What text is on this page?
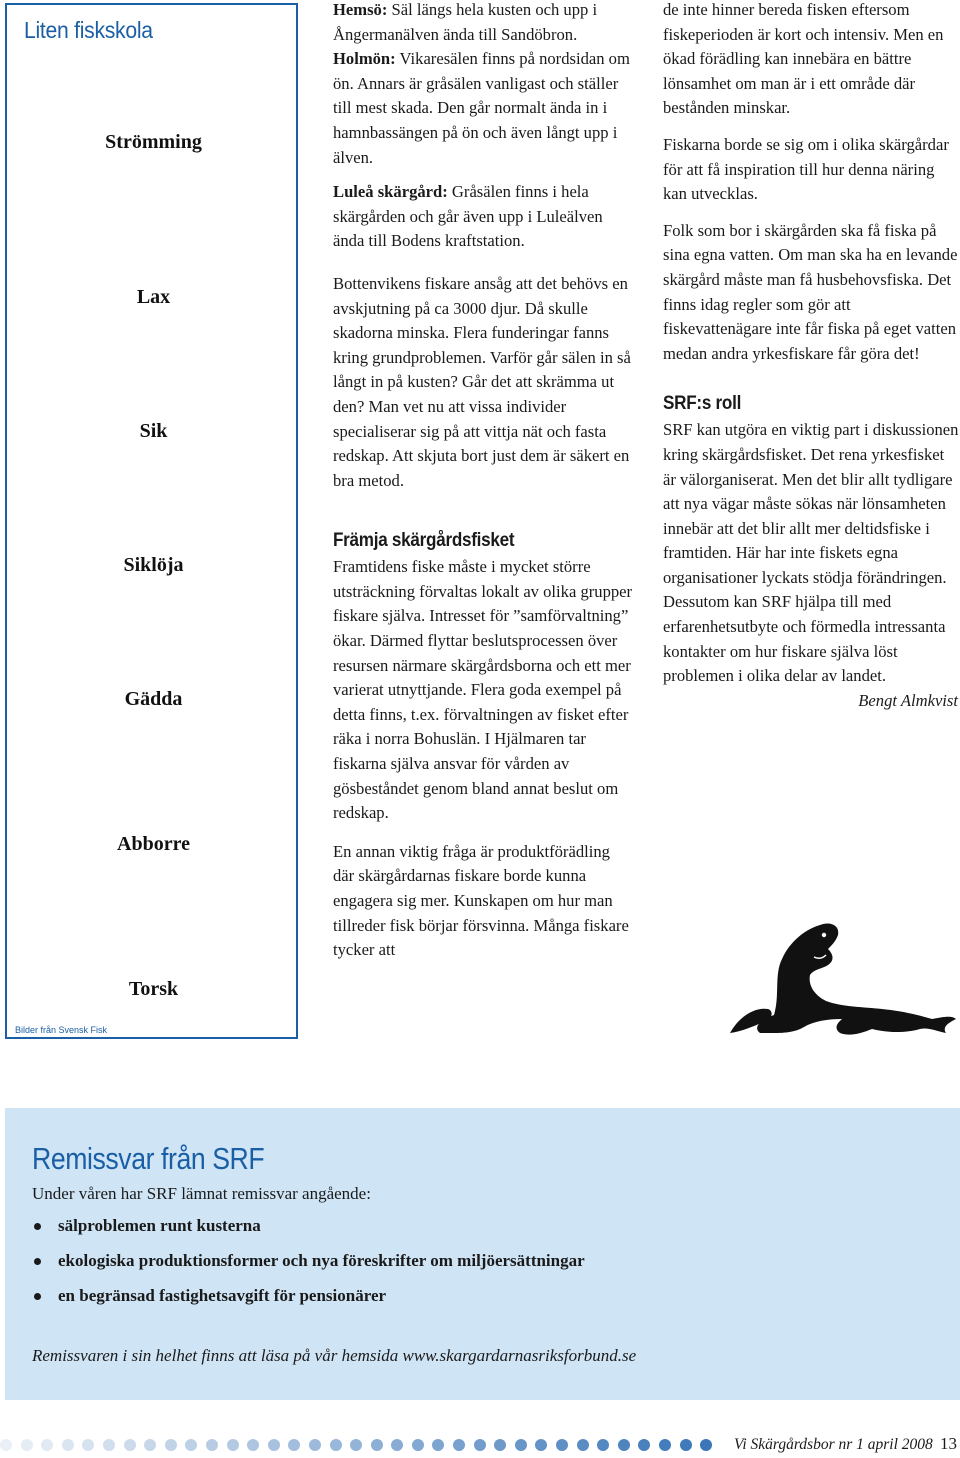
Liten fiskskola
Strömming
Lax
Sik
Siklöja
Gädda
Abborre
Torsk
Bilder från Svensk Fisk

Hemsö: Säl längs hela kusten och upp i Ångermanälven ända till Sandöbron.

Holmön: Vikaresälen finns på nordsidan om ön. Annars är gråsälen vanligast och ställer till mest skada. Den går normalt ända in i hamnbassängen på ön och även långt upp i älven.

Luleå skärgård: Gråsälen finns i hela skärgården och går även upp i Luleälven ända till Bodens kraftstation.

Bottenvikens fiskare ansåg att det behövs en avskjutning på ca 3000 djur. Då skulle skadorna minska. Flera funderingar fanns kring grundproblemen. Varför går sälen in så långt in på kusten? Går det att skrämma ut den? Man vet nu att vissa individer specialiserar sig på att vittja nät och fasta redskap. Att skjuta bort just dem är säkert en bra metod.

Främja skärgårdsfisket

Framtidens fiske måste i mycket större utsträckning förvaltas lokalt av olika grupper fiskare själva. Intresset för ”samförvaltning” ökar. Därmed flyttar beslutsprocessen över resursen närmare skärgårdsborna och ett mer varierat utnyttjande. Flera goda exempel på detta finns, t.ex. förvaltningen av fisket efter räka i norra Bohuslän. I Hjälmaren tar fiskarna själva ansvar för vården av gösbeståndet genom bland annat beslut om redskap.

En annan viktig fråga är produktförädling där skärgårdarnas fiskare borde kunna engagera sig mer. Kunskapen om hur man tillreder fisk börjar försvinna. Många fiskare tycker att

de inte hinner bereda fisken eftersom fiskeperioden är kort och intensiv. Men en ökad förädling kan innebära en bättre lönsamhet om man är i ett område där bestånden minskar.

Fiskarna borde se sig om i olika skärgårdar för att få inspiration till hur denna näring kan utvecklas.

Folk som bor i skärgården ska få fiska på sina egna vatten. Om man ska ha en levande skärgård måste man få husbehovsfiska. Det finns idag regler som gör att fiskevattenägare inte får fiska på eget vatten medan andra yrkesfiskare får göra det!

SRF:s roll

SRF kan utgöra en viktig part i diskussionen kring skärgårdsfisket. Det rena yrkesfisket är välorganiserat. Men det blir allt tydligare att nya vägar måste sökas när lönsamheten innebär att det blir allt mer deltidsfiske i framtiden. Här har inte fiskets egna organisationer lyckats stödja förändringen. Dessutom kan SRF hjälpa till med erfarenhetsutbyte och förmedla intressanta kontakter om hur fiskare själva löst problemen i olika delar av landet.

Bengt Almkvist

Remissvar från SRF
Under våren har SRF lämnat remissvar angående:
sälproblemen runt kusterna
ekologiska produktionsformer och nya föreskrifter om miljöersättningar
en begränsad fastighetsavgift för pensionärer
Remissvaren i sin helhet finns att läsa på vår hemsida www.skargardarnasriksforbund.se
Vi Skärgårdsbor nr 1 april 2008 13
